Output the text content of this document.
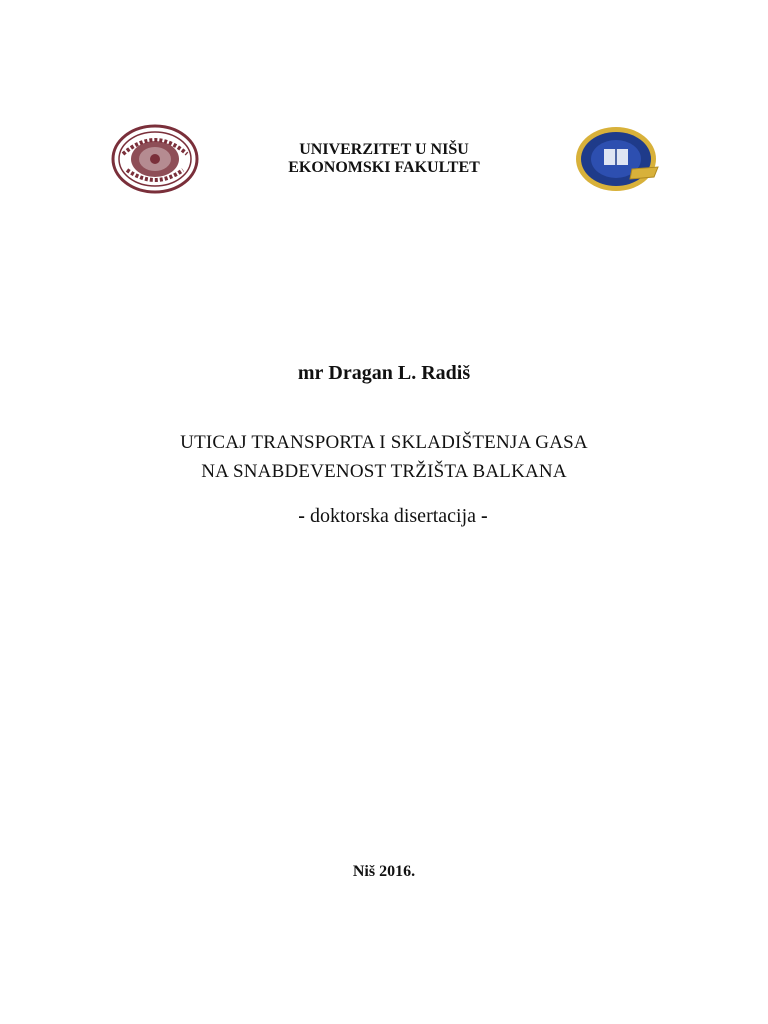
UNIVERZITET U NIŠU
EKONOMSKI FAKULTET
mr Dragan L. Radiš
UTICAJ TRANSPORTA I SKLADIŠTENJA GASA
NA SNABDEVENOST TRŽIŠTA BALKANA
- doktorska disertacija -
Niš 2016.
